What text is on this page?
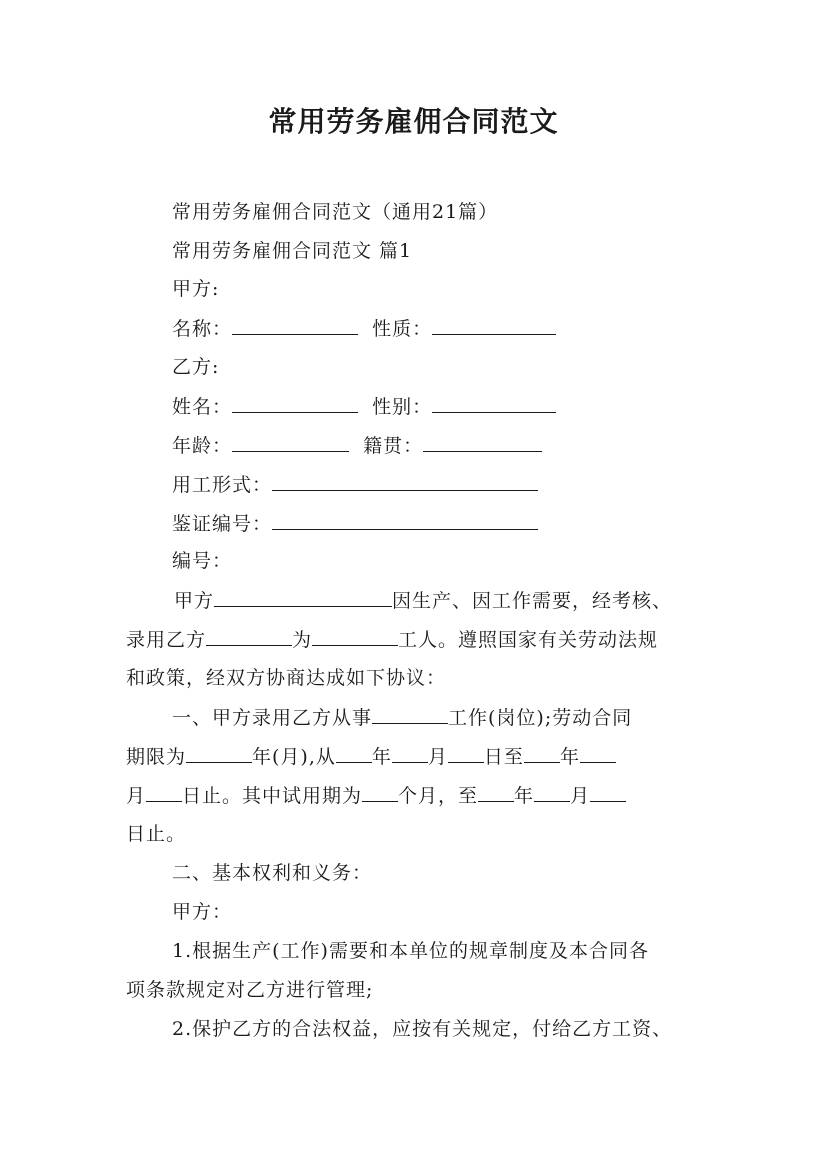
常用劳务雇佣合同范文
常用劳务雇佣合同范文（通用21篇）
常用劳务雇佣合同范文 篇1
甲方:
名称：	性质：
乙方:
姓名：	性别：
年龄：	籍贯：
用工形式：
鉴证编号：
编号：
甲方	因生产、因工作需要，经考核、
录用乙方	为	工人。遵照国家有关劳动法规
和政策，经双方协商达成如下协议：
一、甲方录用乙方从事	工作(岗位);劳动合同
期限为	年(月),从 年 月 日至 年
月 日止。其中试用期为 个月，至 年 月
日止。
二、基本权利和义务：
甲方：
1.根据生产(工作)需要和本单位的规章制度及本合同各
项条款规定对乙方进行管理;
2.保护乙方的合法权益，应按有关规定，付给乙方工资、
